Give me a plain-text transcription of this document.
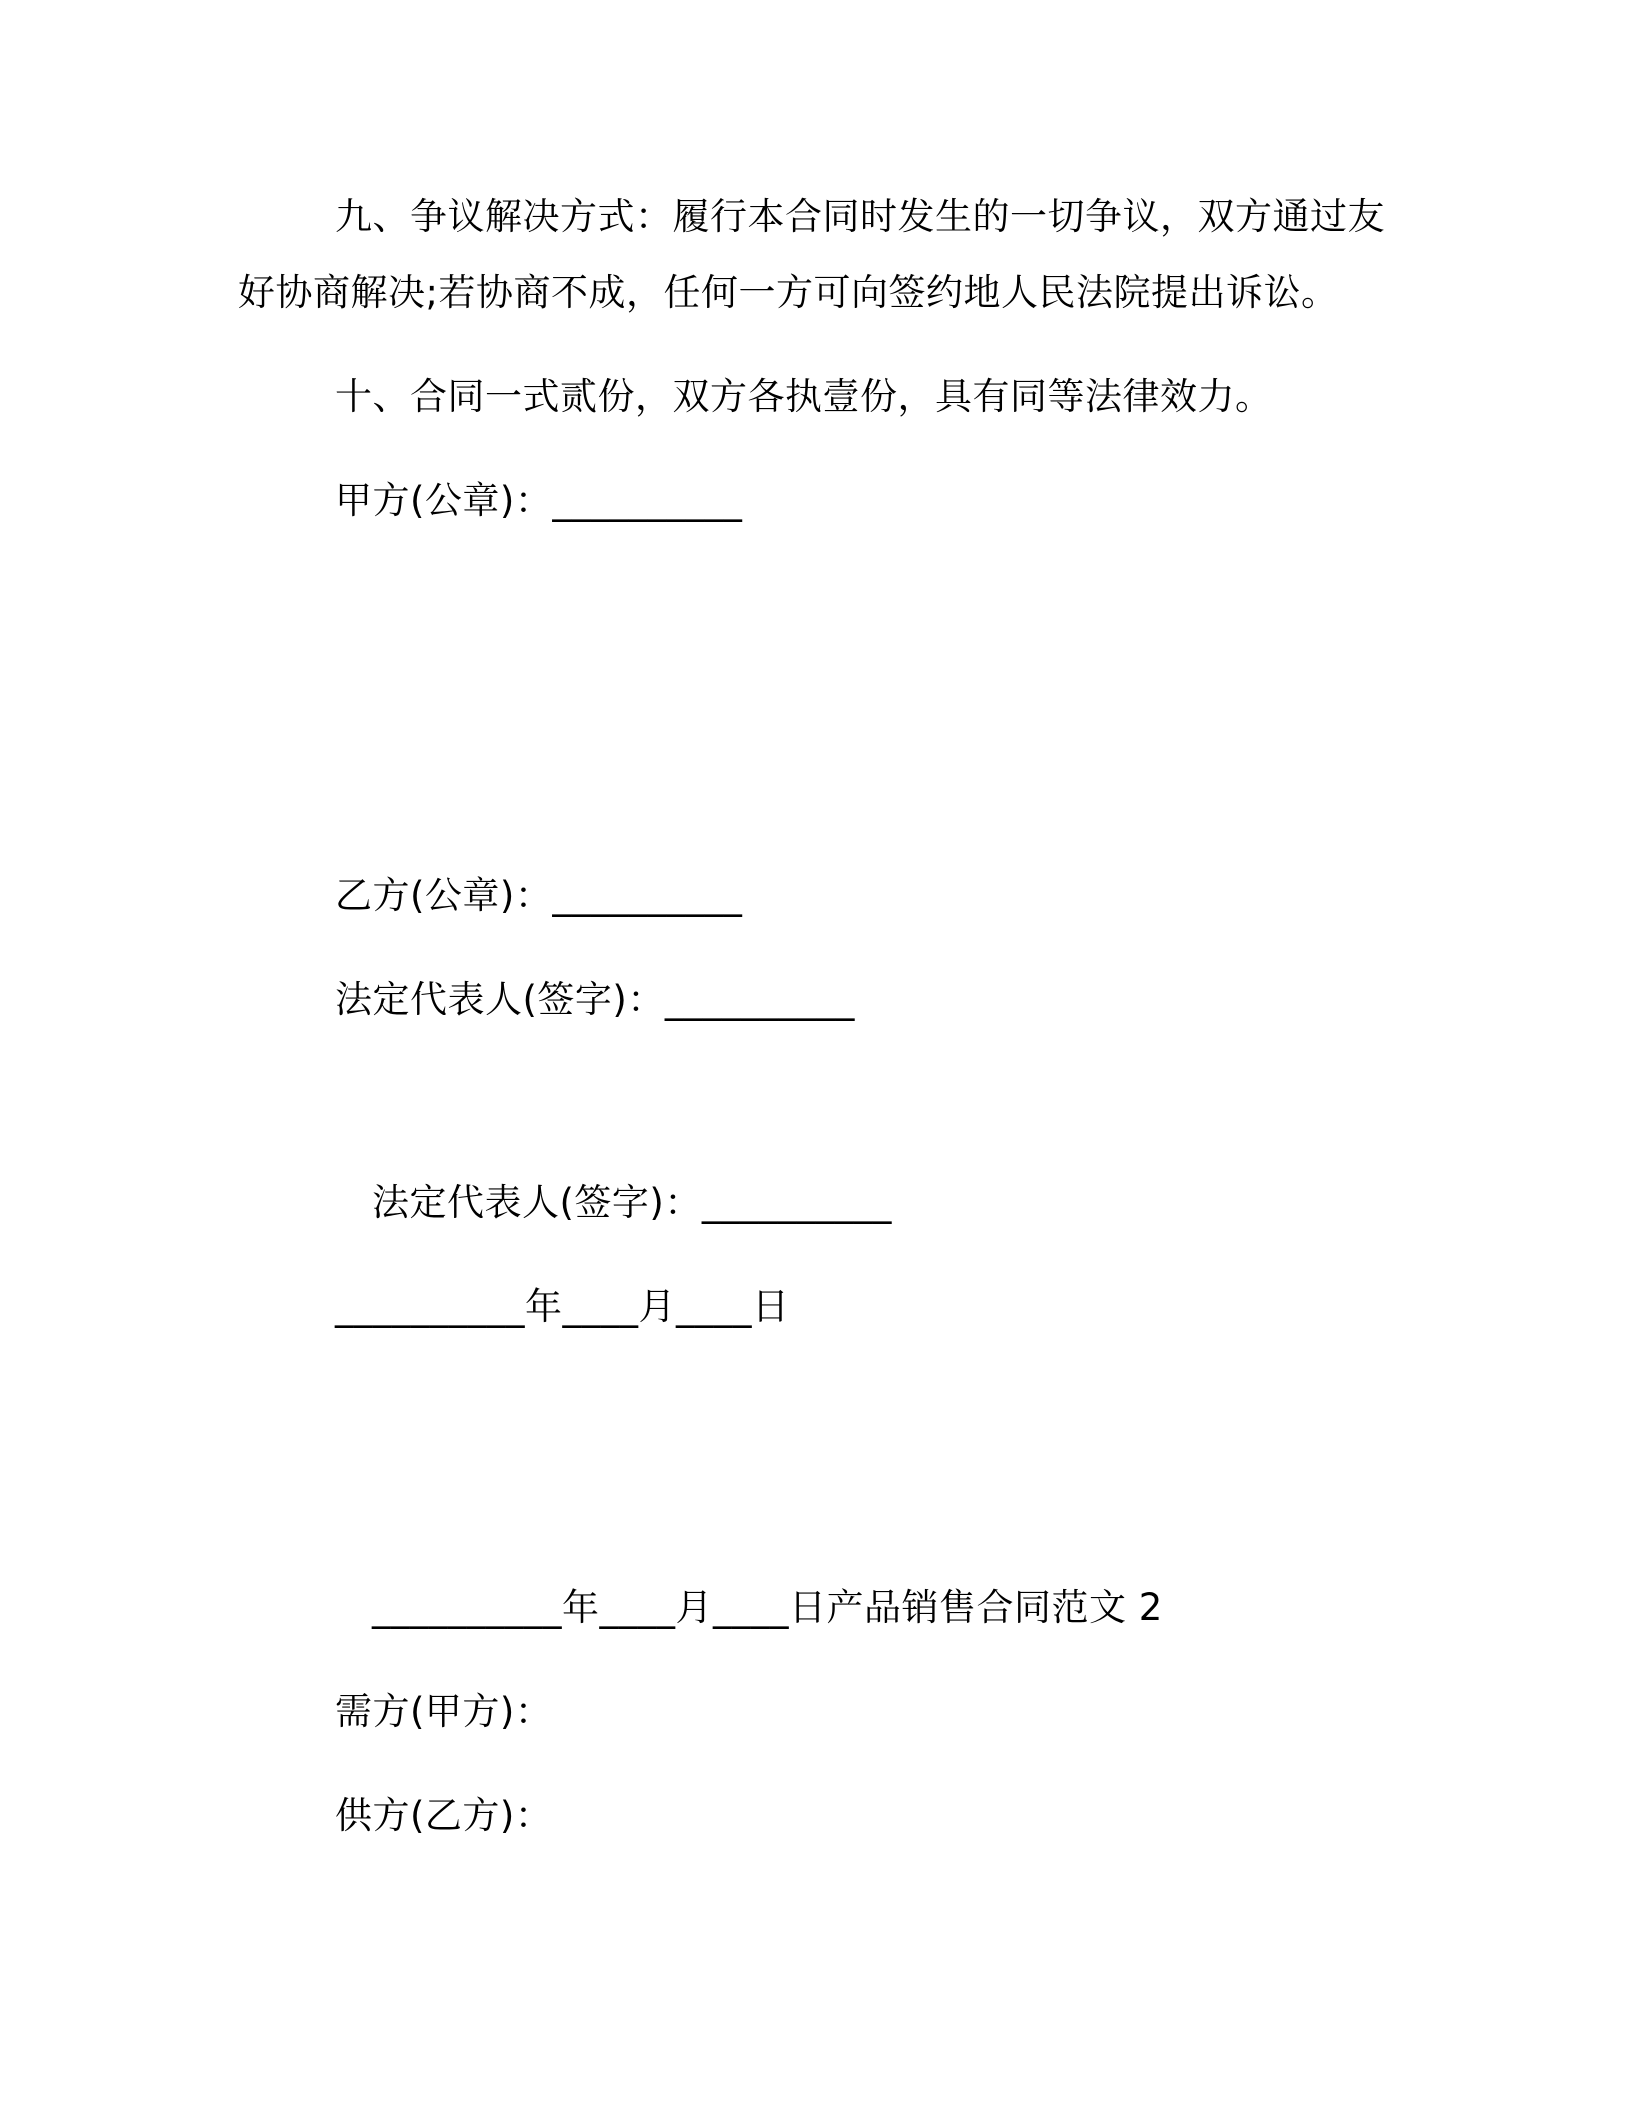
九、争议解决方式：履行本合同时发生的一切争议，双方通过友
好协商解决;若协商不成，任何一方可向签约地人民法院提出诉讼。
十、合同一式贰份，双方各执壹份，具有同等法律效力。
甲方(公章)：__________
乙方(公章)：__________
法定代表人(签字)：__________
法定代表人(签字)：__________
__________年____月____日
__________年____月____日产品销售合同范文 2
需方(甲方)：
供方(乙方)：
